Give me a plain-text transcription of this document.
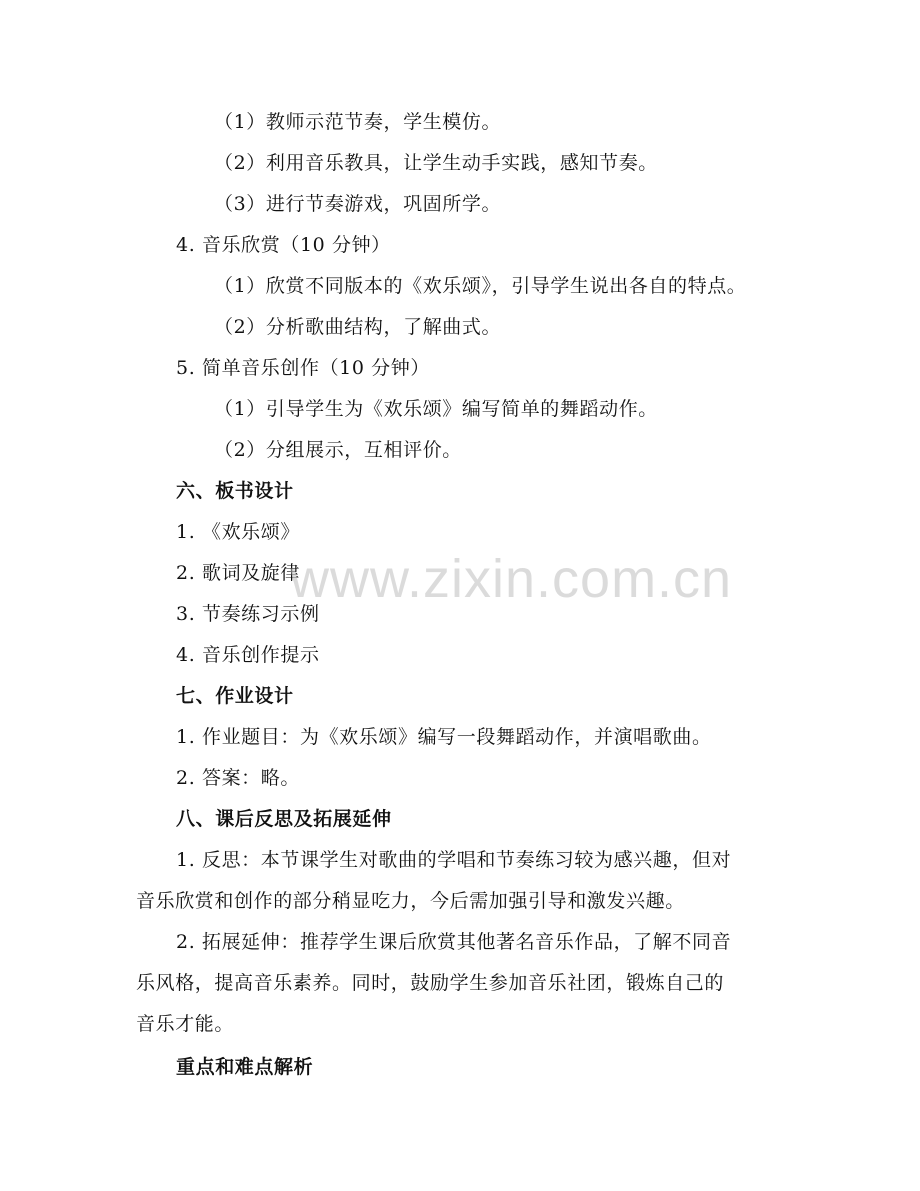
（1）教师示范节奏，学生模仿。
（2）利用音乐教具，让学生动手实践，感知节奏。
（3）进行节奏游戏，巩固所学。
4. 音乐欣赏（10 分钟）
（1）欣赏不同版本的《欢乐颂》，引导学生说出各自的特点。
（2）分析歌曲结构，了解曲式。
5. 简单音乐创作（10 分钟）
（1）引导学生为《欢乐颂》编写简单的舞蹈动作。
（2）分组展示，互相评价。
六、板书设计
1. 《欢乐颂》
2. 歌词及旋律
3. 节奏练习示例
4. 音乐创作提示
七、作业设计
1. 作业题目：为《欢乐颂》编写一段舞蹈动作，并演唱歌曲。
2. 答案：略。
八、课后反思及拓展延伸
1. 反思：本节课学生对歌曲的学唱和节奏练习较为感兴趣，但对
音乐欣赏和创作的部分稍显吃力，今后需加强引导和激发兴趣。
2. 拓展延伸：推荐学生课后欣赏其他著名音乐作品，了解不同音
乐风格，提高音乐素养。同时，鼓励学生参加音乐社团，锻炼自己的
音乐才能。
重点和难点解析
www.zixin.com.cn
